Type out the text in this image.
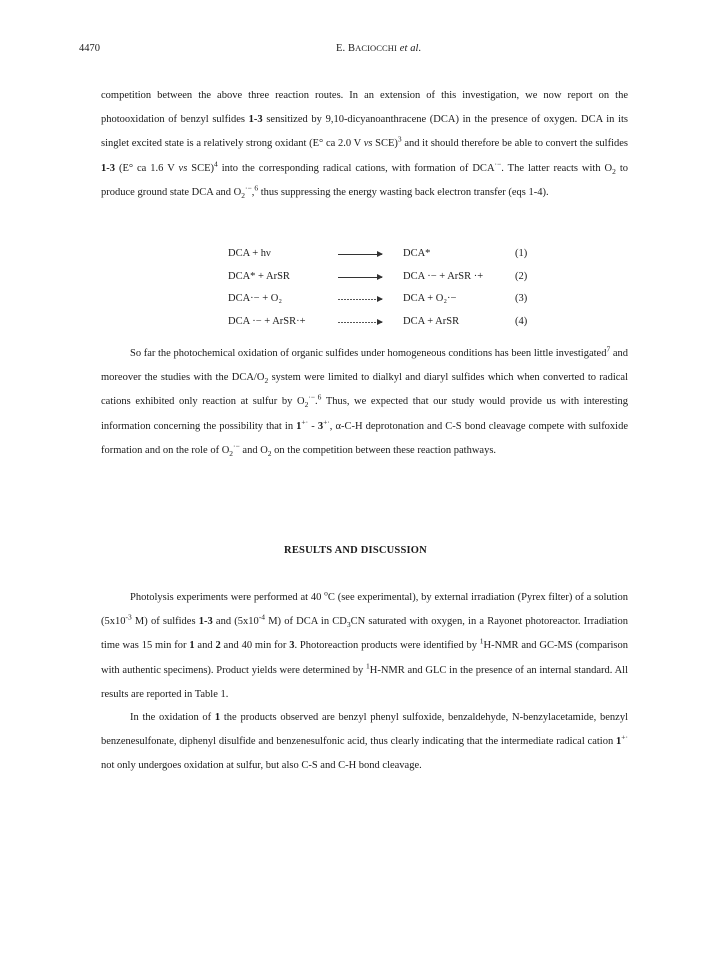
4470	E. BACIOCCHI et al.

competition between the above three reaction routes. In an extension of this investigation, we now report on the photooxidation of benzyl sulfides 1-3 sensitized by 9,10-dicyanoanthracene (DCA) in the presence of oxygen. DCA in its singlet excited state is a relatively strong oxidant (E° ca 2.0 V vs SCE)$^3$ and it should therefore be able to convert the sulfides 1-3 (E° ca 1.6 V vs SCE)$^4$ into the corresponding radical cations, with formation of DCA·−. The latter reacts with $O_2$ to produce ground state DCA and $O_2^{\cdot-},^6$ thus suppressing the energy wasting back electron transfer (eqs 1-4).

DCA + hν	DCA*	(1)
DCA* + ArSR	DCA ·− + ArSR ·+	(2)
DCA·− + O₂	DCA + O₂·−	(3)
DCA ·− + ArSR·+	DCA + ArSR	(4)

So far the photochemical oxidation of organic sulfides under homogeneous conditions has been little investigated$^7$ and moreover the studies with the DCA/$O_2$ system were limited to dialkyl and diaryl sulfides which when converted to radical cations exhibited only reaction at sulfur by $O_2^{\cdot-}.^6$ Thus, we expected that our study would provide us with interesting information concerning the possibility that in 1+· - 3+·, α-C-H deprotonation and C-S bond cleavage compete with sulfoxide formation and on the role of $O_2^{\cdot-}$ and $O_2$ on the competition between these reaction pathways.

RESULTS AND DISCUSSION

Photolysis experiments were performed at 40 $^o$C (see experimental), by external irradiation (Pyrex filter) of a solution ($5x10^{-3}$ M) of sulfides 1-3 and ($5x10^{-4}$ M) of DCA in $CD_3CN$ saturated with oxygen, in a Rayonet photoreactor. Irradiation time was 15 min for 1 and 2 and 40 min for 3. Photoreaction products were identified by $^1$H-NMR and GC-MS (comparison with authentic specimens). Product yields were determined by $^1$H-NMR and GLC in the presence of an internal standard. All results are reported in Table 1.

In the oxidation of 1 the products observed are benzyl phenyl sulfoxide, benzaldehyde, N-benzylacetamide, benzyl benzenesulfonate, diphenyl disulfide and benzenesulfonic acid, thus clearly indicating that the intermediate radical cation 1+· not only undergoes oxidation at sulfur, but also C-S and C-H bond cleavage.
